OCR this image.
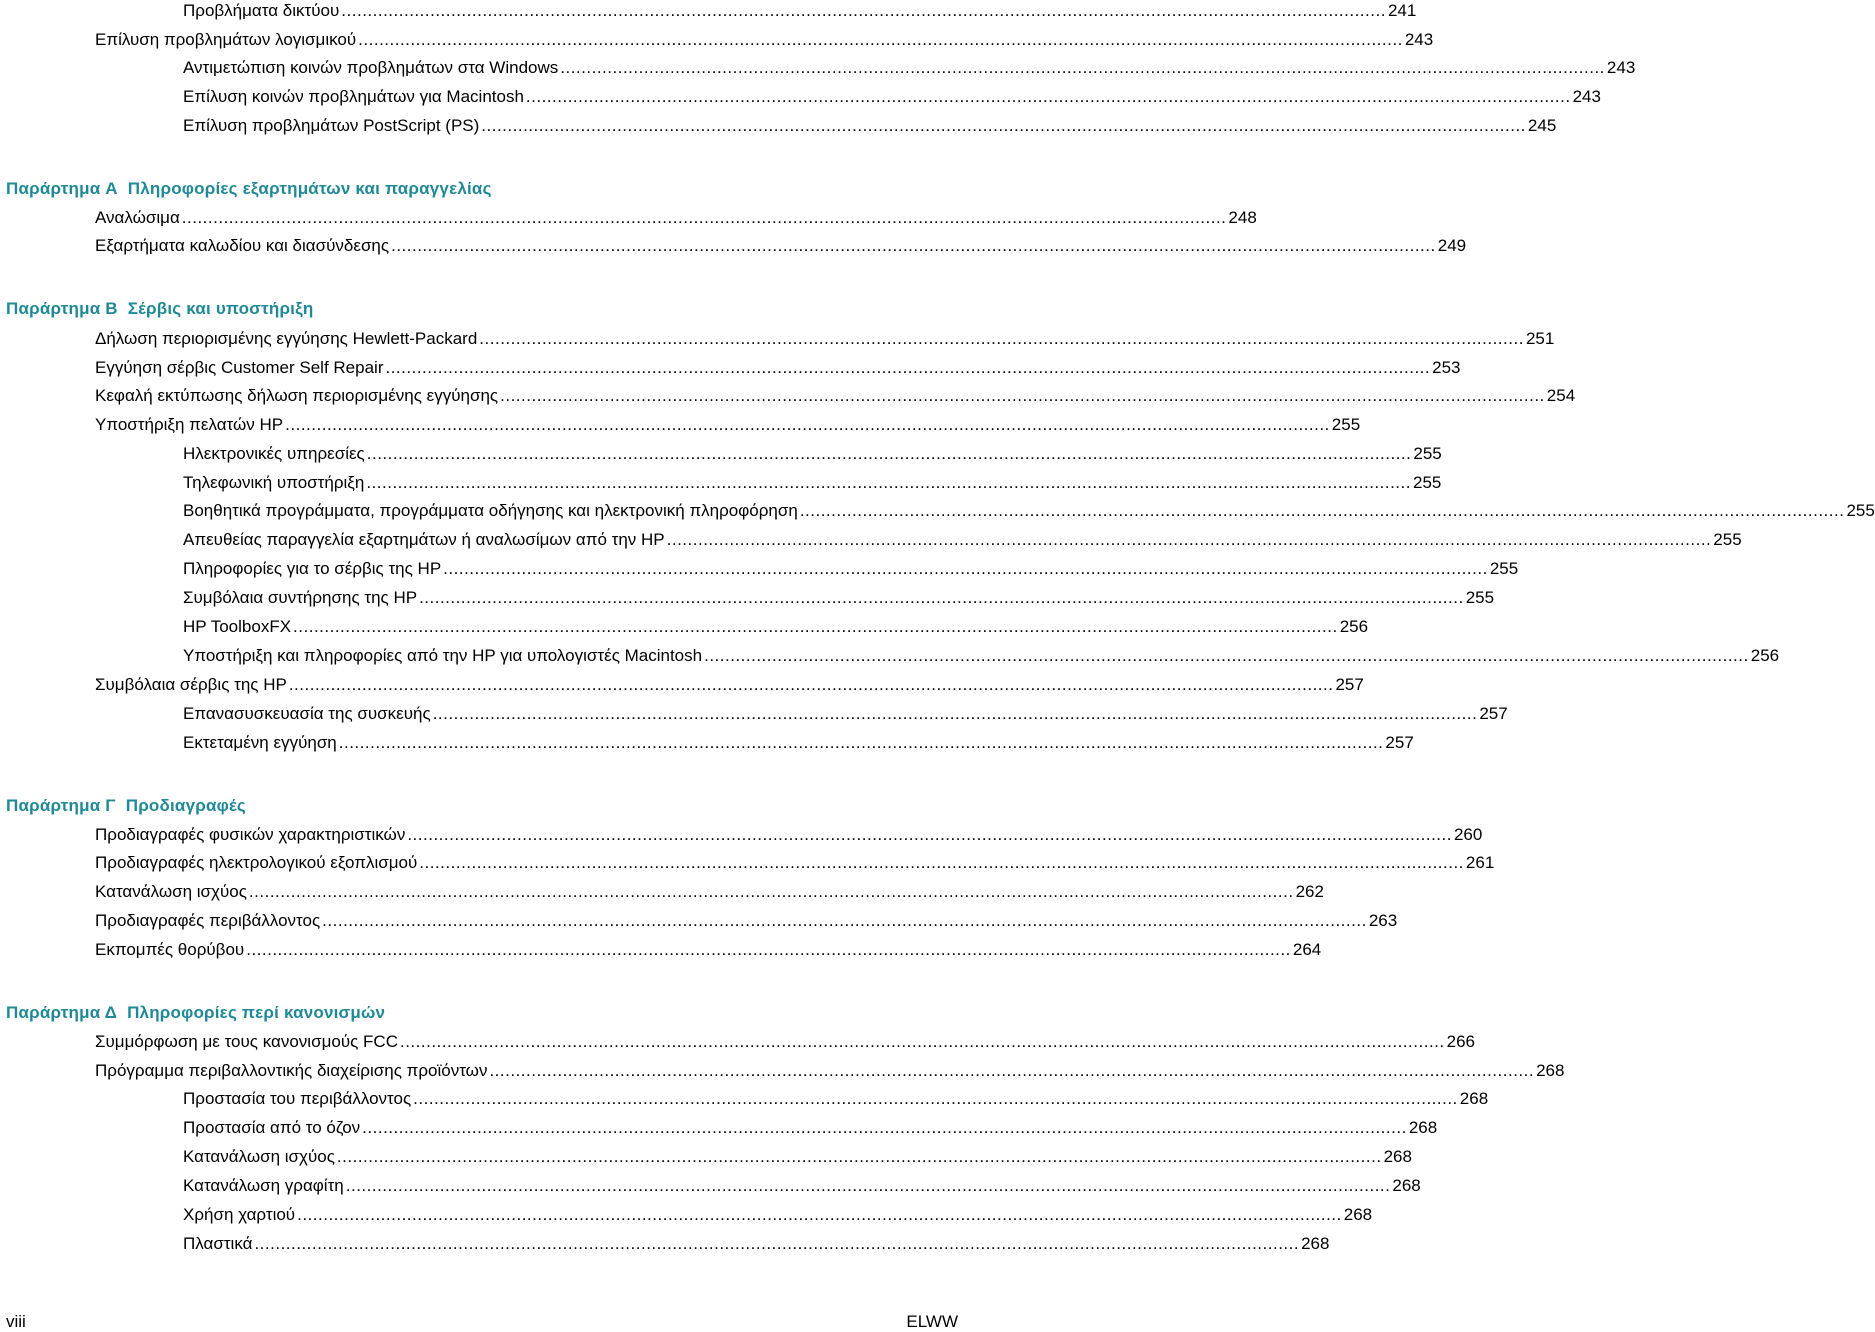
Προβλήματα δικτύου ........................................................................................................................................................................................................ 241
Επίλυση προβλημάτων λογισμικού ........................................................................................................................................................................................................ 243
Αντιμετώπιση κοινών προβλημάτων στα Windows ........................................................................................................................................................................................................ 243
Επίλυση κοινών προβλημάτων για Macintosh ........................................................................................................................................................................................................ 243
Επίλυση προβλημάτων PostScript (PS) ........................................................................................................................................................................................................ 245
Παράρτημα A Πληροφορίες εξαρτημάτων και παραγγελίας
Αναλώσιμα ........................................................................................................................................................................................................ 248
Εξαρτήματα καλωδίου και διασύνδεσης ........................................................................................................................................................................................................ 249
Παράρτημα B Σέρβις και υποστήριξη
Δήλωση περιορισμένης εγγύησης Hewlett-Packard ........................................................................................................................................................................................................ 251
Εγγύηση σέρβις Customer Self Repair ........................................................................................................................................................................................................ 253
Κεφαλή εκτύπωσης δήλωση περιορισμένης εγγύησης ........................................................................................................................................................................................................ 254
Υποστήριξη πελατών HP ........................................................................................................................................................................................................ 255
Ηλεκτρονικές υπηρεσίες ........................................................................................................................................................................................................ 255
Τηλεφωνική υποστήριξη ........................................................................................................................................................................................................ 255
Βοηθητικά προγράμματα, προγράμματα οδήγησης και ηλεκτρονική πληροφόρηση ........................................................................................................................................................................................................ 255
Απευθείας παραγγελία εξαρτημάτων ή αναλωσίμων από την HP ........................................................................................................................................................................................................ 255
Πληροφορίες για το σέρβις της HP ........................................................................................................................................................................................................ 255
Συμβόλαια συντήρησης της HP ........................................................................................................................................................................................................ 255
HP ToolboxFX ........................................................................................................................................................................................................ 256
Υποστήριξη και πληροφορίες από την HP για υπολογιστές Macintosh ........................................................................................................................................................................................................ 256
Συμβόλαια σέρβις της HP ........................................................................................................................................................................................................ 257
Επανασυσκευασία της συσκευής ........................................................................................................................................................................................................ 257
Εκτεταμένη εγγύηση ........................................................................................................................................................................................................ 257
Παράρτημα Γ Προδιαγραφές
Προδιαγραφές φυσικών χαρακτηριστικών ........................................................................................................................................................................................................ 260
Προδιαγραφές ηλεκτρολογικού εξοπλισμού ........................................................................................................................................................................................................ 261
Κατανάλωση ισχύος ........................................................................................................................................................................................................ 262
Προδιαγραφές περιβάλλοντος ........................................................................................................................................................................................................ 263
Εκπομπές θορύβου ........................................................................................................................................................................................................ 264
Παράρτημα Δ Πληροφορίες περί κανονισμών
Συμμόρφωση με τους κανονισμούς FCC ........................................................................................................................................................................................................ 266
Πρόγραμμα περιβαλλοντικής διαχείρισης προϊόντων ........................................................................................................................................................................................................ 268
Προστασία του περιβάλλοντος ........................................................................................................................................................................................................ 268
Προστασία από το όζον ........................................................................................................................................................................................................ 268
Κατανάλωση ισχύος ........................................................................................................................................................................................................ 268
Κατανάλωση γραφίτη ........................................................................................................................................................................................................ 268
Χρήση χαρτιού ........................................................................................................................................................................................................ 268
Πλαστικά ........................................................................................................................................................................................................ 268
viii	ELWW
